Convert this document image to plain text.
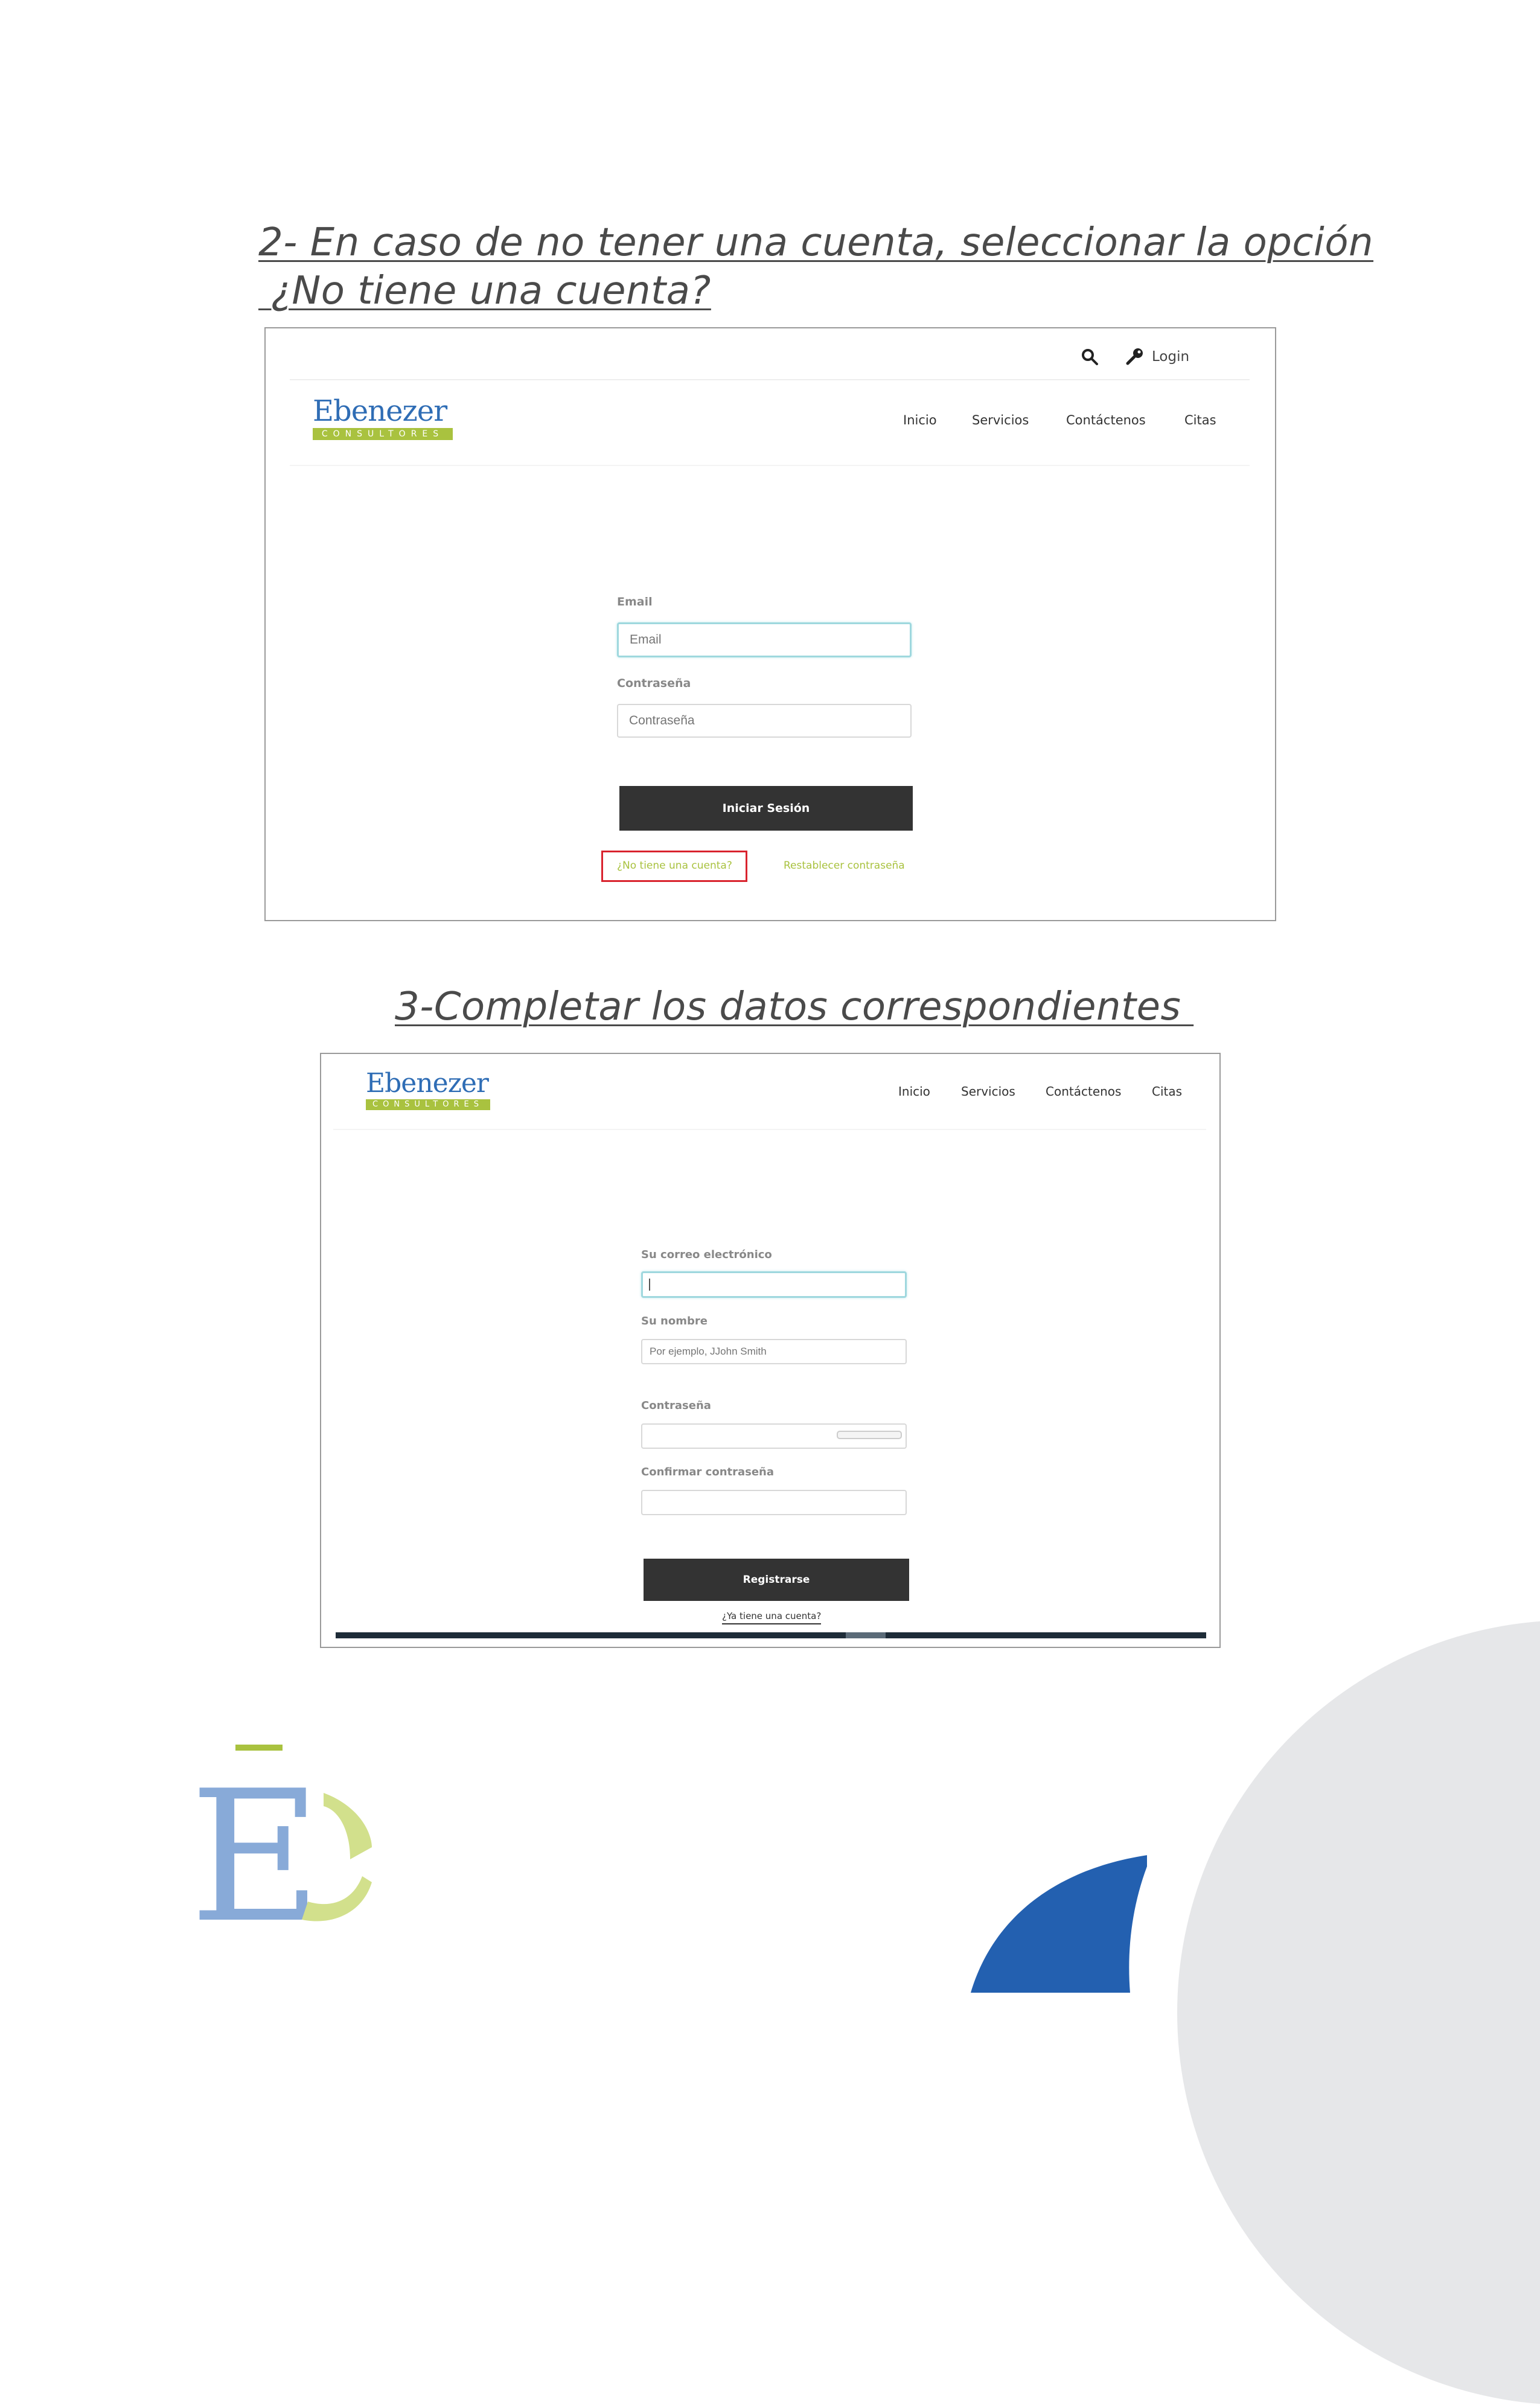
2- En caso de no tener una cuenta, seleccionar la opción
¿No tiene una cuenta?
Login
Ebenezer
CONSULTORES
Inicio	Servicios	Contáctenos	Citas
Email
Email
Contraseña
Contraseña
Iniciar Sesión
¿No tiene una cuenta?	Restablecer contraseña
3-Completar los datos correspondientes
Ebenezer
CONSULTORES
Inicio	Servicios	Contáctenos	Citas
Su correo electrónico
Su nombre
Por ejemplo, JJohn Smith
Contraseña
Confirmar contraseña
Registrarse
¿Ya tiene una cuenta?
E
